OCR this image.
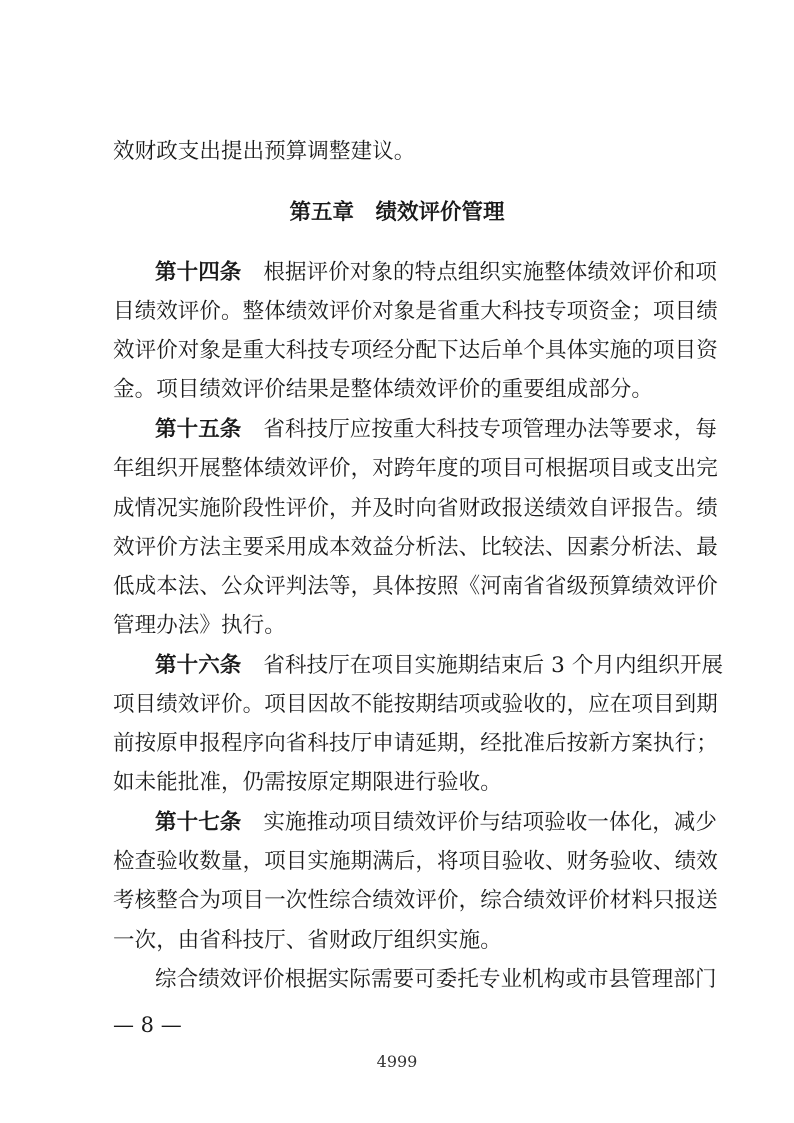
效财政支出提出预算调整建议。
第五章　绩效评价管理
第十四条 根据评价对象的特点组织实施整体绩效评价和项
目绩效评价。整体绩效评价对象是省重大科技专项资金；项目绩
效评价对象是重大科技专项经分配下达后单个具体实施的项目资
金。项目绩效评价结果是整体绩效评价的重要组成部分。
第十五条 省科技厅应按重大科技专项管理办法等要求，每
年组织开展整体绩效评价，对跨年度的项目可根据项目或支出完
成情况实施阶段性评价，并及时向省财政报送绩效自评报告。绩
效评价方法主要采用成本效益分析法、比较法、因素分析法、最
低成本法、公众评判法等，具体按照《河南省省级预算绩效评价
管理办法》执行。
第十六条 省科技厅在项目实施期结束后 3 个月内组织开展
项目绩效评价。项目因故不能按期结项或验收的，应在项目到期
前按原申报程序向省科技厅申请延期，经批准后按新方案执行；
如未能批准，仍需按原定期限进行验收。
第十七条 实施推动项目绩效评价与结项验收一体化，减少
检查验收数量，项目实施期满后，将项目验收、财务验收、绩效
考核整合为项目一次性综合绩效评价，综合绩效评价材料只报送
一次，由省科技厅、省财政厅组织实施。
综合绩效评价根据实际需要可委托专业机构或市县管理部门
— 8 —
4999
